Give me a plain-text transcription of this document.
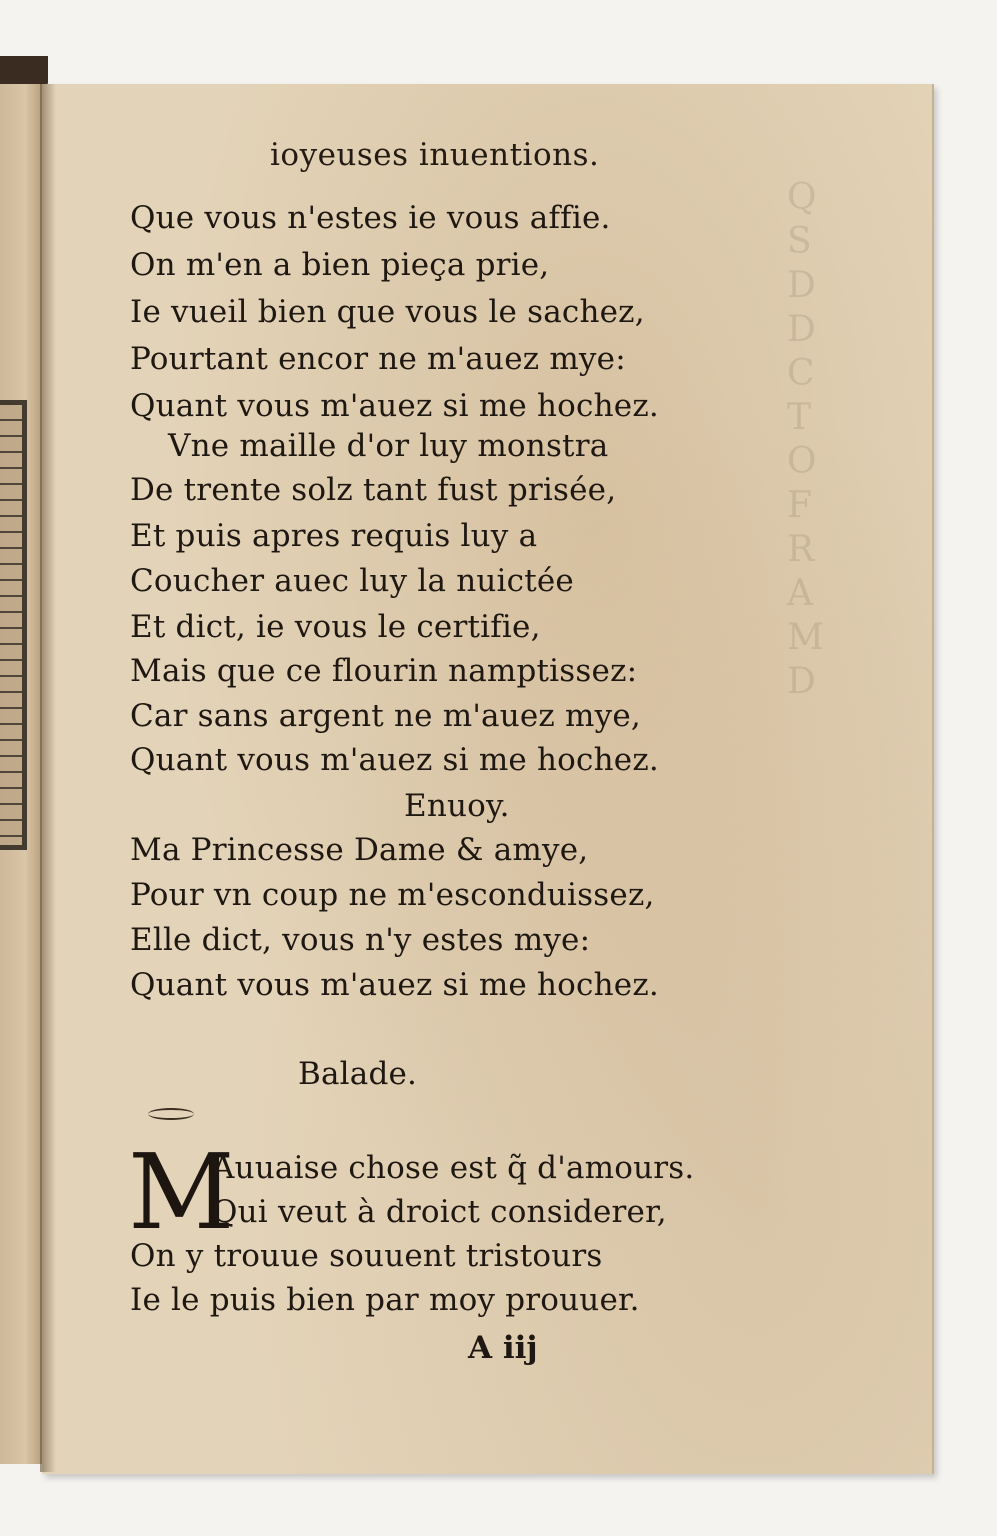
Q
S
D
D
C
T
O
F
R
A
M
D
ioyeuses inuentions.
Que vous n'estes ie vous affie.
On m'en a bien pieça prie,
Ie vueil bien que vous le sachez,
Pourtant encor ne m'auez mye:
Quant vous m'auez si me hochez.
Vne maille d'or luy monstra
De trente solz tant fust prisée,
Et puis apres requis luy a
Coucher auec luy la nuictée
Et dict, ie vous le certifie,
Mais que ce flourin namptissez:
Car sans argent ne m'auez mye,
Quant vous m'auez si me hochez.
Enuoy.
Ma Princesse Dame & amye,
Pour vn coup ne m'esconduissez,
Elle dict, vous n'y estes mye:
Quant vous m'auez si me hochez.
Balade.
M
Auuaise chose est q̃ d'amours.
Qui veut à droict considerer,
On y trouue souuent tristours
Ie le puis bien par moy prouuer.
A iij
